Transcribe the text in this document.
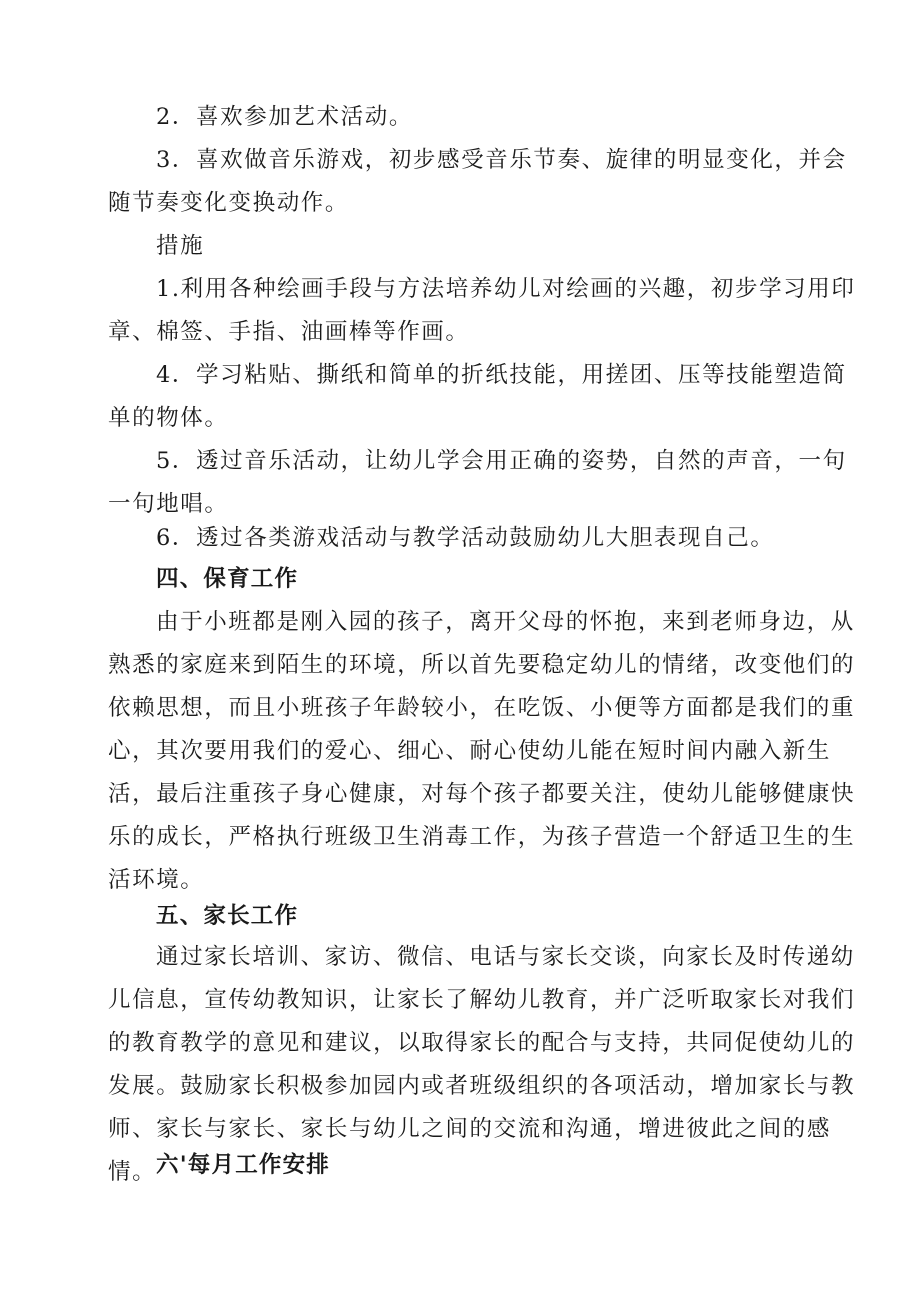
2．喜欢参加艺术活动。

3．喜欢做音乐游戏，初步感受音乐节奏、旋律的明显变化，并会随节奏变化变换动作。

措施

1.利用各种绘画手段与方法培养幼儿对绘画的兴趣，初步学习用印章、棉签、手指、油画棒等作画。

4．学习粘贴、撕纸和简单的折纸技能，用搓团、压等技能塑造简单的物体。

5．透过音乐活动，让幼儿学会用正确的姿势，自然的声音，一句一句地唱。

6．透过各类游戏活动与教学活动鼓励幼儿大胆表现自己。

四、保育工作

由于小班都是刚入园的孩子，离开父母的怀抱，来到老师身边，从熟悉的家庭来到陌生的环境，所以首先要稳定幼儿的情绪，改变他们的依赖思想，而且小班孩子年龄较小，在吃饭、小便等方面都是我们的重心，其次要用我们的爱心、细心、耐心使幼儿能在短时间内融入新生活，最后注重孩子身心健康，对每个孩子都要关注，使幼儿能够健康快乐的成长，严格执行班级卫生消毒工作，为孩子营造一个舒适卫生的生活环境。

五、家长工作

通过家长培训、家访、微信、电话与家长交谈，向家长及时传递幼儿信息，宣传幼教知识，让家长了解幼儿教育，并广泛听取家长对我们的教育教学的意见和建议，以取得家长的配合与支持，共同促使幼儿的发展。鼓励家长积极参加园内或者班级组织的各项活动，增加家长与教师、家长与家长、家长与幼儿之间的交流和沟通，增进彼此之间的感情。 六'每月工作安排
